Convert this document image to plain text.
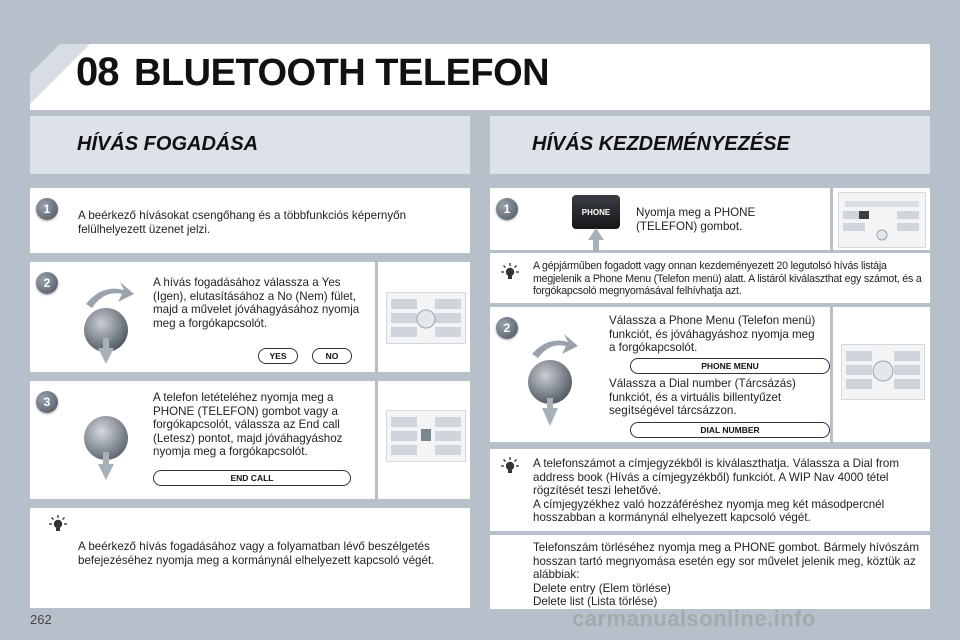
08 BLUETOOTH TELEFON
HÍVÁS FOGADÁSA	HÍVÁS KEZDEMÉNYEZÉSE
1	A beérkező hívásokat csengőhang és a többfunkciós képernyőn felülhelyezett üzenet jelzi.
2	A hívás fogadásához válassza a Yes (Igen), elutasításához a No (Nem) fület, majd a művelet jóváhagyásához nyomja meg a forgókapcsolót.
YES	NO
3	A telefon letételéhez nyomja meg a PHONE (TELEFON) gombot vagy a forgókapcsolót, válassza az End call (Letesz) pontot, majd jóváhagyáshoz nyomja meg a forgókapcsolót.
END CALL
A beérkező hívás fogadásához vagy a folyamatban lévő beszélgetés befejezéséhez nyomja meg a kormánynál elhelyezett kapcsoló végét.
1	PHONE	Nyomja meg a PHONE (TELEFON) gombot.
A gépjárműben fogadott vagy onnan kezdeményezett 20 legutolsó hívás listája megjelenik a Phone Menu (Telefon menü) alatt. A listáról kiválaszthat egy számot, és a forgókapcsoló megnyomásával felhívhatja azt.
2
Válassza a Phone Menu (Telefon menü) funkciót, és jóváhagyáshoz nyomja meg a forgókapcsolót.
PHONE MENU
Válassza a Dial number (Tárcsázás) funkciót, és a virtuális billentyűzet segítségével tárcsázzon.
DIAL NUMBER
A telefonszámot a címjegyzékből is kiválaszthatja. Válassza a Dial from address book (Hívás a címjegyzékből) funkciót. A WIP Nav 4000 tétel rögzítését teszi lehetővé.
A címjegyzékhez való hozzáféréshez nyomja meg két másodpercnél hosszabban a kormánynál elhelyezett kapcsoló végét.
Telefonszám törléséhez nyomja meg a PHONE gombot. Bármely hívószám hosszan tartó megnyomása esetén egy sor művelet jelenik meg, köztük az alábbiak:
Delete entry (Elem törlése)
Delete list (Lista törlése)
262	carmanualsonline.info
